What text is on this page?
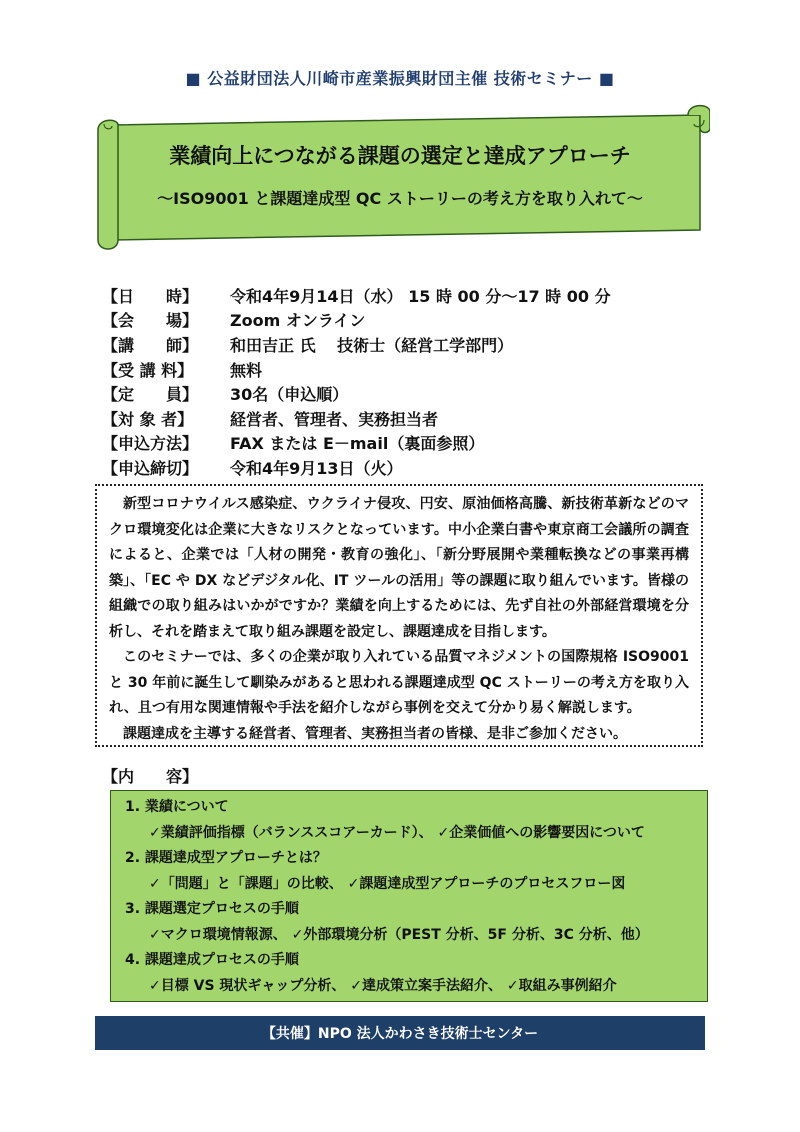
■ 公益財団法人川崎市産業振興財団主催 技術セミナー ■
業績向上につながる課題の選定と達成アプローチ
～ISO9001 と課題達成型 QC ストーリーの考え方を取り入れて～
【日　　時】	令和4年9月14日（水） 15 時 00 分～17 時 00 分
【会　　場】	Zoom オンライン
【講　　師】	和田吉正 氏　 技術士（経営工学部門）
【受 講 料】	無料
【定　　員】	30名（申込順）
【対 象 者】	経営者、管理者、実務担当者
【申込方法】	FAX または E－mail（裏面参照）
【申込締切】	令和4年9月13日（火）

新型コロナウイルス感染症、ウクライナ侵攻、円安、原油価格高騰、新技術革新などのマクロ環境変化は企業に大きなリスクとなっています。中小企業白書や東京商工会議所の調査によると、企業では「人材の開発・教育の強化」、「新分野展開や業種転換などの事業再構築」、「EC や DX などデジタル化、IT ツールの活用」等の課題に取り組んでいます。皆様の組織での取り組みはいかがですか？業績を向上するためには、先ず自社の外部経営環境を分析し、それを踏まえて取り組み課題を設定し、課題達成を目指します。

このセミナーでは、多くの企業が取り入れている品質マネジメントの国際規格 ISO9001 と 30 年前に誕生して馴染みがあると思われる課題達成型 QC ストーリーの考え方を取り入れ、且つ有用な関連情報や手法を紹介しながら事例を交えて分かり易く解説します。

課題達成を主導する経営者、管理者、実務担当者の皆様、是非ご参加ください。

【内　　容】
1. 業績について
✓業績評価指標（バランススコアーカード）、 ✓企業価値への影響要因について
2. 課題達成型アプローチとは？
✓「問題」と「課題」の比較、 ✓課題達成型アプローチのプロセスフロー図
3. 課題選定プロセスの手順
✓マクロ環境情報源、 ✓外部環境分析（PEST 分析、5F 分析、3C 分析、他）
4. 課題達成プロセスの手順
✓目標 VS 現状ギャップ分析、 ✓達成策立案手法紹介、 ✓取組み事例紹介
【共催】NPO 法人かわさき技術士センター
